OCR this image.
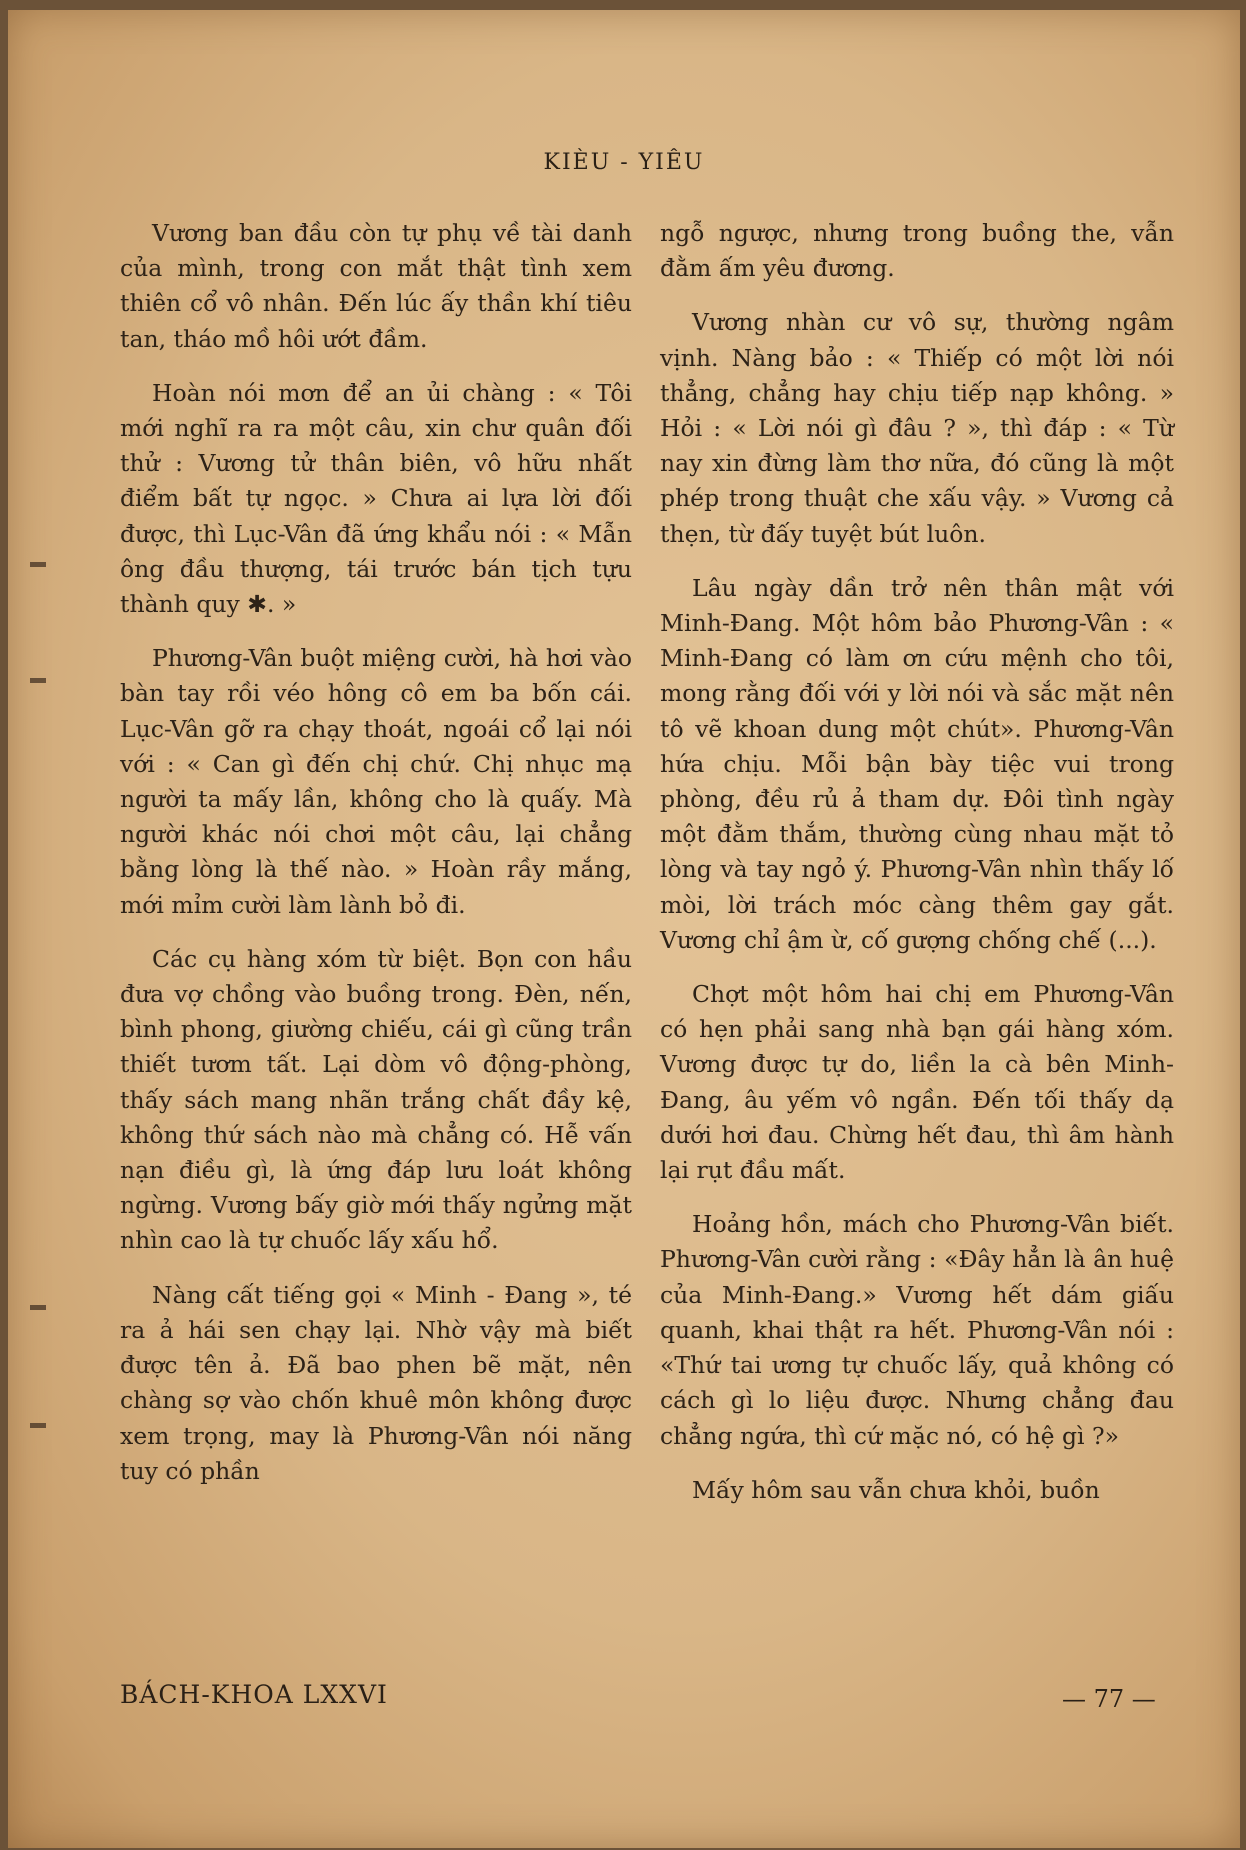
KIÈU - YIÊU

Vương ban đầu còn tự phụ về tài danh của mình, trong con mắt thật tình xem thiên cổ vô nhân. Đến lúc ấy thần khí tiêu tan, tháo mồ hôi ướt đầm.

Hoàn nói mơn để an ủi chàng : « Tôi mới nghĩ ra ra một câu, xin chư quân đối thử : Vương tử thân biên, vô hữu nhất điểm bất tự ngọc. » Chưa ai lựa lời đối được, thì Lục-Vân đã ứng khẩu nói : « Mẫn ông đầu thượng, tái trước bán tịch tựu thành quy ✱. »

Phương-Vân buột miệng cười, hà hơi vào bàn tay rồi véo hông cô em ba bốn cái. Lục-Vân gỡ ra chạy thoát, ngoái cổ lại nói với : « Can gì đến chị chứ. Chị nhục mạ người ta mấy lần, không cho là quấy. Mà người khác nói chơi một câu, lại chẳng bằng lòng là thế nào. » Hoàn rầy mắng, mới mỉm cười làm lành bỏ đi.

Các cụ hàng xóm từ biệt. Bọn con hầu đưa vợ chồng vào buồng trong. Đèn, nến, bình phong, giường chiếu, cái gì cũng trần thiết tươm tất. Lại dòm vô động-phòng, thấy sách mang nhãn trắng chất đầy kệ, không thứ sách nào mà chẳng có. Hễ vấn nạn điều gì, là ứng đáp lưu loát không ngừng. Vương bấy giờ mới thấy ngửng mặt nhìn cao là tự chuốc lấy xấu hổ.

Nàng cất tiếng gọi « Minh - Đang », té ra ả hái sen chạy lại. Nhờ vậy mà biết được tên ả. Đã bao phen bẽ mặt, nên chàng sợ vào chốn khuê môn không được xem trọng, may là Phương-Vân nói năng tuy có phần

ngỗ ngược, nhưng trong buồng the, vẫn đằm ấm yêu đương.

Vương nhàn cư vô sự, thường ngâm vịnh. Nàng bảo : « Thiếp có một lời nói thẳng, chẳng hay chịu tiếp nạp không. » Hỏi : « Lời nói gì đâu ? », thì đáp : « Từ nay xin đừng làm thơ nữa, đó cũng là một phép trong thuật che xấu vậy. » Vương cả thẹn, từ đấy tuyệt bút luôn.

Lâu ngày dần trở nên thân mật với Minh-Đang. Một hôm bảo Phương-Vân : « Minh-Đang có làm ơn cứu mệnh cho tôi, mong rằng đối với y lời nói và sắc mặt nên tô vẽ khoan dung một chút». Phương-Vân hứa chịu. Mỗi bận bày tiệc vui trong phòng, đều rủ ả tham dự. Đôi tình ngày một đằm thắm, thường cùng nhau mặt tỏ lòng và tay ngỏ ý. Phương-Vân nhìn thấy lố mòi, lời trách móc càng thêm gay gắt. Vương chỉ ậm ừ, cố gượng chống chế (...).

Chợt một hôm hai chị em Phương-Vân có hẹn phải sang nhà bạn gái hàng xóm. Vương được tự do, liền la cà bên Minh-Đang, âu yếm vô ngần. Đến tối thấy dạ dưới hơi đau. Chừng hết đau, thì âm hành lại rụt đầu mất.

Hoảng hồn, mách cho Phương-Vân biết. Phương-Vân cười rằng : «Đây hẳn là ân huệ của Minh-Đang.» Vương hết dám giấu quanh, khai thật ra hết. Phương-Vân nói : «Thứ tai ương tự chuốc lấy, quả không có cách gì lo liệu được. Nhưng chẳng đau chẳng ngứa, thì cứ mặc nó, có hệ gì ?»

Mấy hôm sau vẫn chưa khỏi, buồn

BÁCH-KHOA LXXVI	— 77 —
